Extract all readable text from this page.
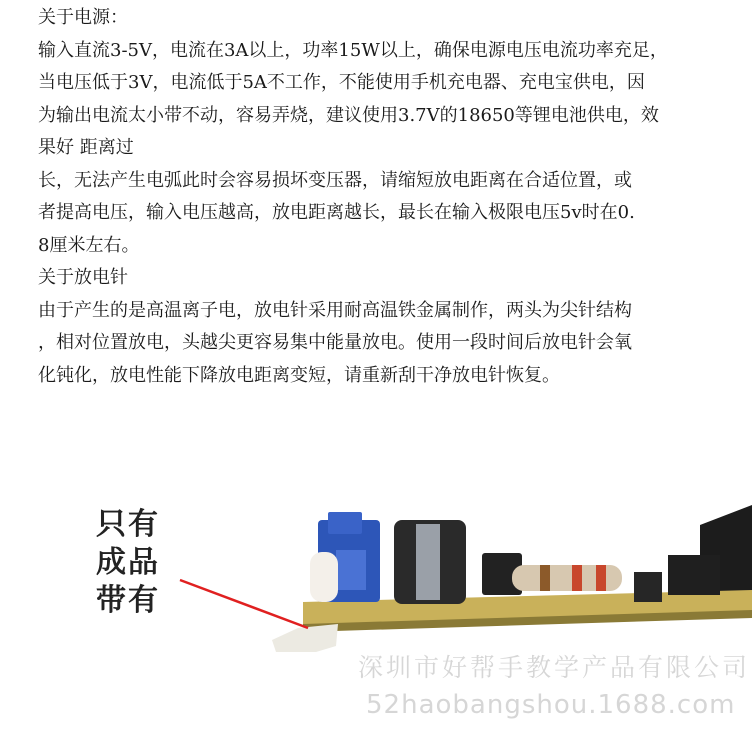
关于电源：
输入直流3-5V，电流在3A以上，功率15W以上，确保电源电压电流功率充足，
当电压低于3V，电流低于5A不工作，不能使用手机充电器、充电宝供电，因
为输出电流太小带不动，容易弄烧，建议使用3.7V的18650等锂电池供电，效
果好 距离过
长，无法产生电弧此时会容易损坏变压器，请缩短放电距离在合适位置，或
者提高电压，输入电压越高，放电距离越长，最长在输入极限电压5v时在0.
8厘米左右。
关于放电针
由于产生的是高温离子电，放电针采用耐高温铁金属制作，两头为尖针结构
，相对位置放电，头越尖更容易集中能量放电。使用一段时间后放电针会氧
化钝化，放电性能下降放电距离变短，请重新刮干净放电针恢复。
只有
成品
带有
深圳市好帮手教学产品有限公司
52haobangshou.1688.com
